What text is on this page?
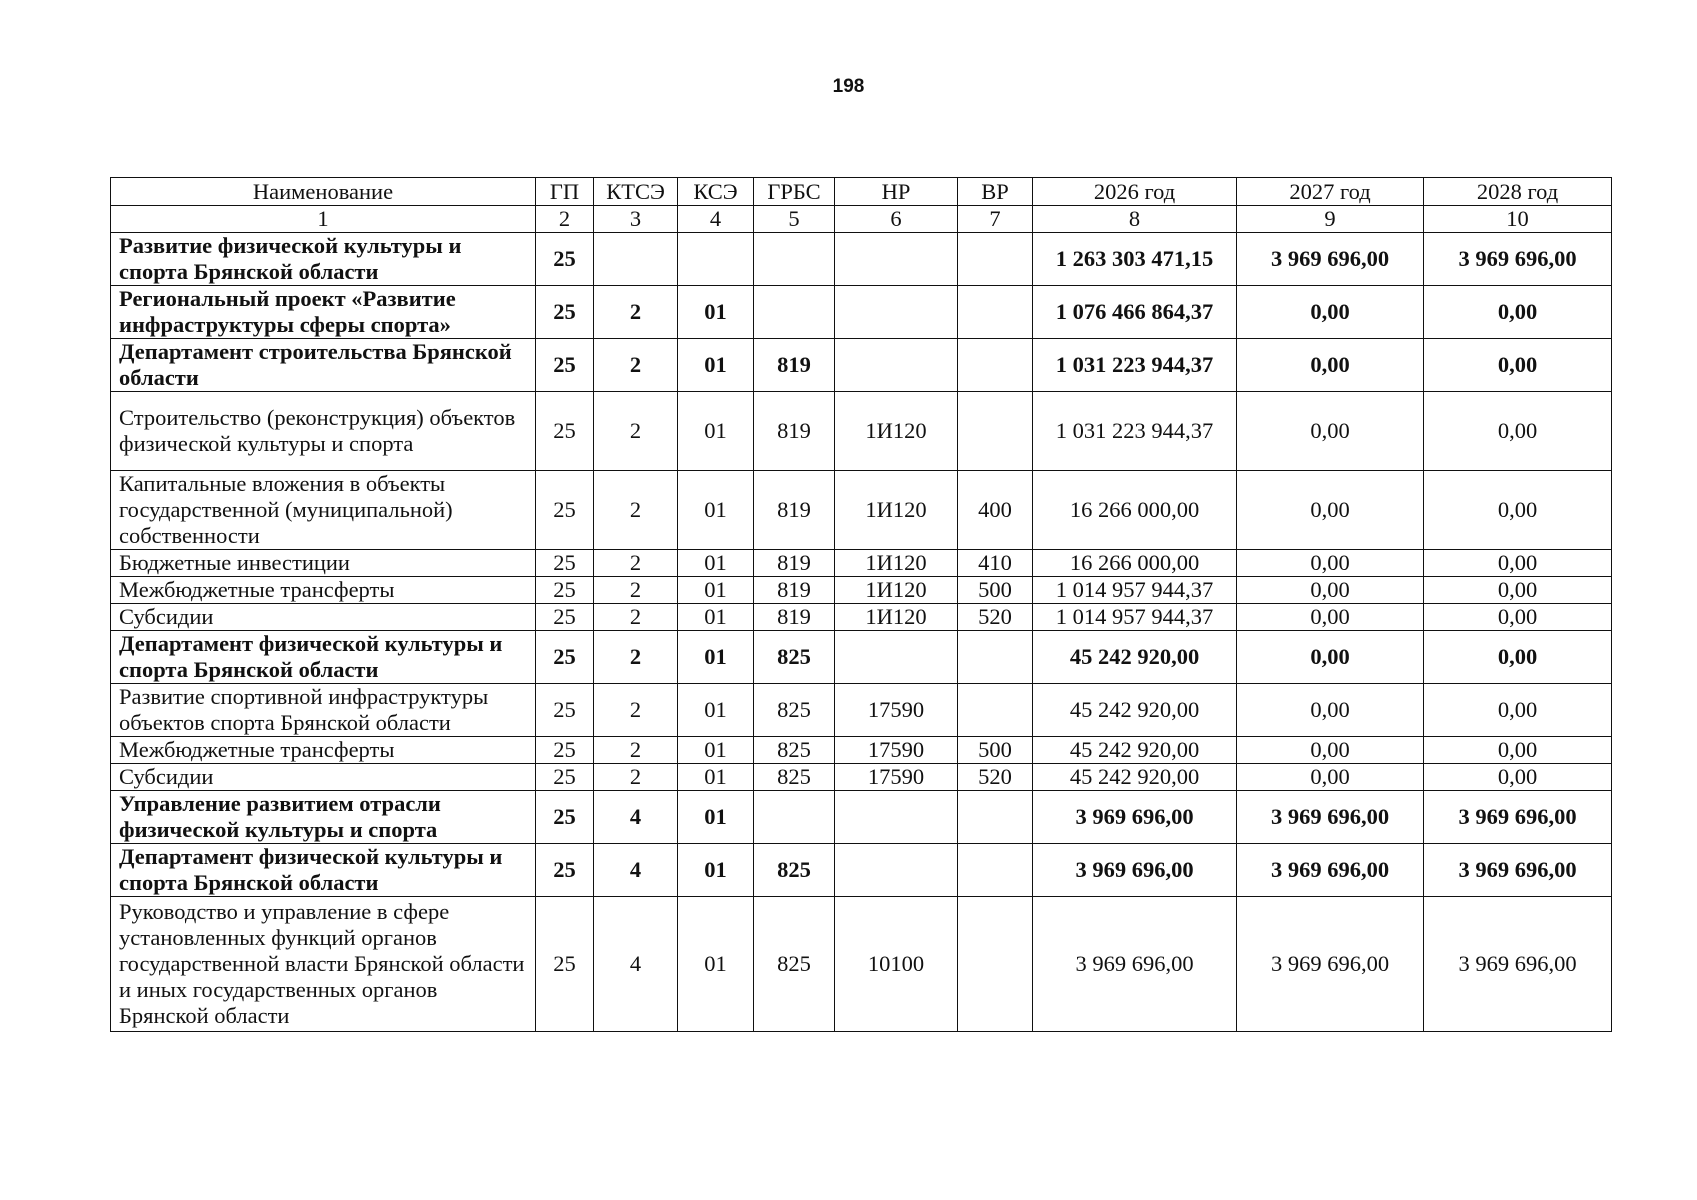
198
Наименование	ГП	КТСЭ	КСЭ	ГРБС	НР	ВР	2026 год	2027 год	2028 год
1	2	3	4	5	6	7	8	9	10
Развитие физической культуры и спорта Брянской области	25						1 263 303 471,15	3 969 696,00	3 969 696,00
Региональный проект «Развитие инфраструктуры сферы спорта»	25	2	01				1 076 466 864,37	0,00	0,00
Департамент строительства Брянской области	25	2	01	819			1 031 223 944,37	0,00	0,00
Строительство (реконструкция) объектов физической культуры и спорта	25	2	01	819	1И120		1 031 223 944,37	0,00	0,00
Капитальные вложения в объекты государственной (муниципальной) собственности	25	2	01	819	1И120	400	16 266 000,00	0,00	0,00
Бюджетные инвестиции	25	2	01	819	1И120	410	16 266 000,00	0,00	0,00
Межбюджетные трансферты	25	2	01	819	1И120	500	1 014 957 944,37	0,00	0,00
Субсидии	25	2	01	819	1И120	520	1 014 957 944,37	0,00	0,00
Департамент физической культуры и спорта Брянской области	25	2	01	825			45 242 920,00	0,00	0,00
Развитие спортивной инфраструктуры объектов спорта Брянской области	25	2	01	825	17590		45 242 920,00	0,00	0,00
Межбюджетные трансферты	25	2	01	825	17590	500	45 242 920,00	0,00	0,00
Субсидии	25	2	01	825	17590	520	45 242 920,00	0,00	0,00
Управление развитием отрасли физической культуры и спорта	25	4	01				3 969 696,00	3 969 696,00	3 969 696,00
Департамент физической культуры и спорта Брянской области	25	4	01	825			3 969 696,00	3 969 696,00	3 969 696,00
Руководство и управление в сфере установленных функций органов государственной власти Брянской области и иных государственных органов Брянской области	25	4	01	825	10100		3 969 696,00	3 969 696,00	3 969 696,00
